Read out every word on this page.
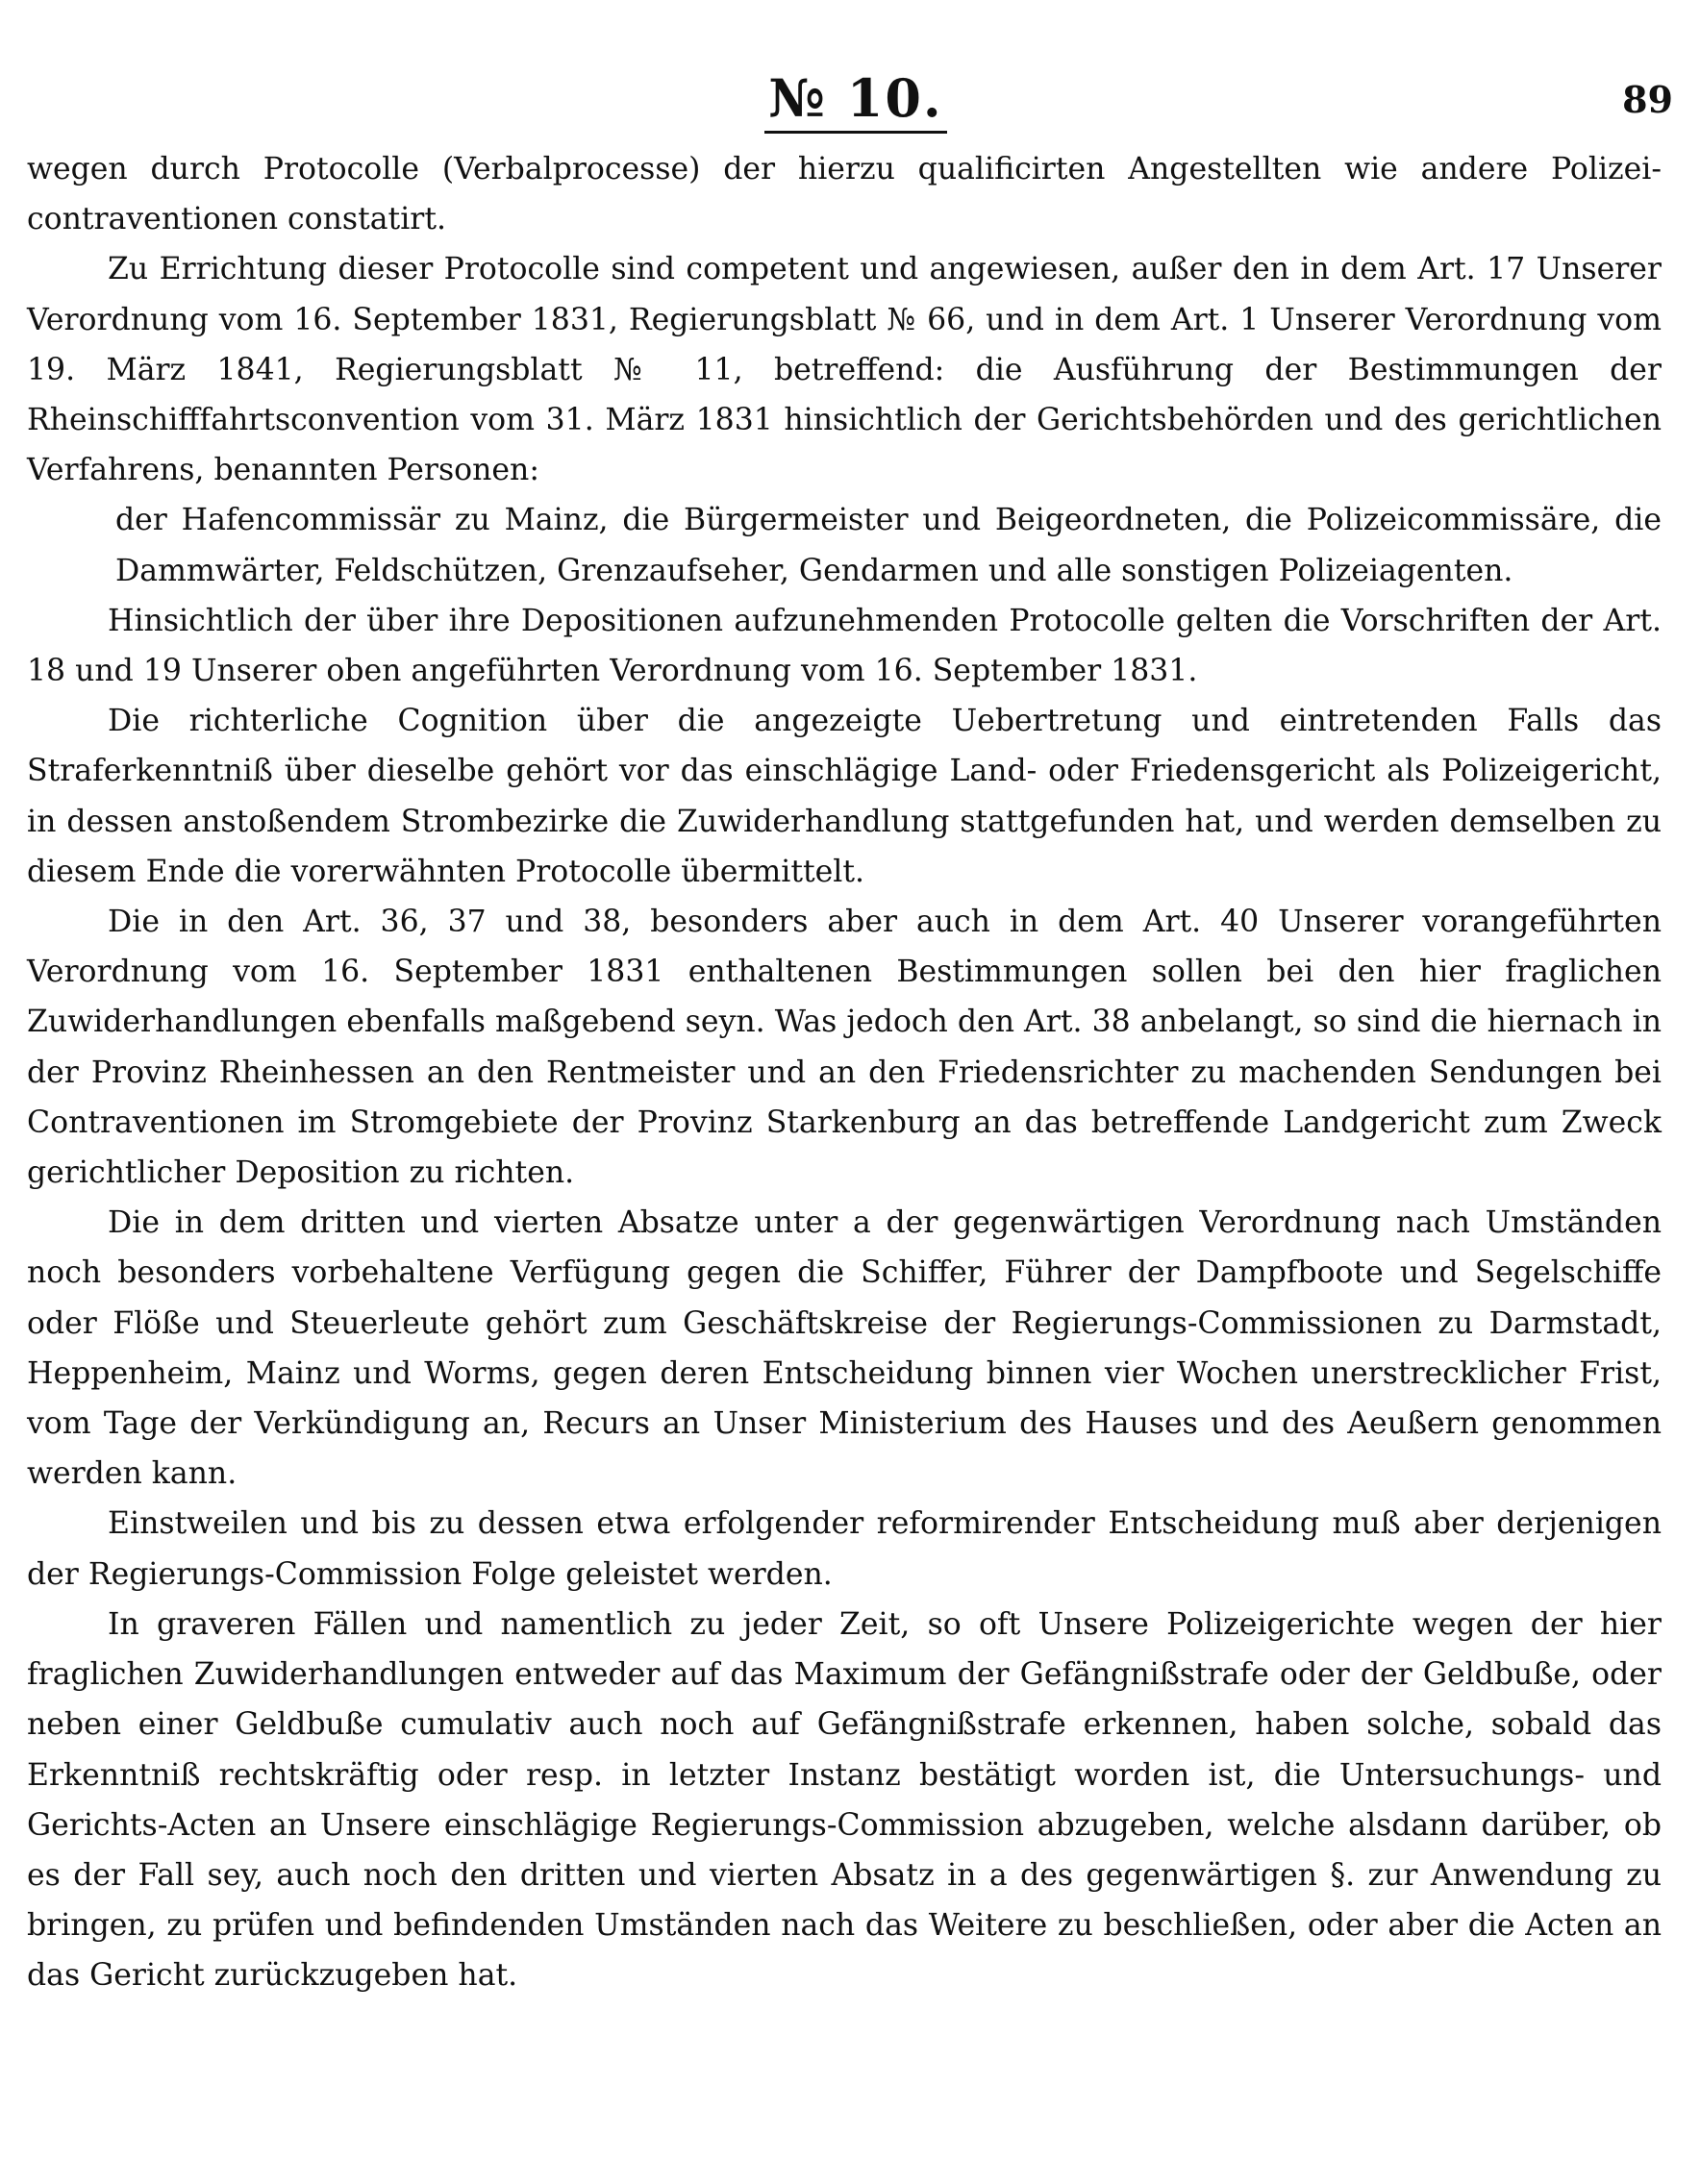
№ 10.	89

wegen durch Protocolle (Verbalprocesse) der hierzu qualificirten Angestellten wie andere Polizei-contraventionen constatirt.

Zu Errichtung dieser Protocolle sind competent und angewiesen, außer den in dem Art. 17 Unserer Verordnung vom 16. September 1831, Regierungsblatt № 66, und in dem Art. 1 Unserer Verordnung vom 19. März 1841, Regierungsblatt № 11, betreffend: die Ausführung der Bestimmungen der Rheinschifffahrtsconvention vom 31. März 1831 hinsichtlich der Gerichtsbehörden und des gerichtlichen Verfahrens, benannten Personen:

der Hafencommissär zu Mainz, die Bürgermeister und Beigeordneten, die Polizeicommissäre, die Dammwärter, Feldschützen, Grenzaufseher, Gendarmen und alle sonstigen Polizeiagenten.

Hinsichtlich der über ihre Depositionen aufzunehmenden Protocolle gelten die Vorschriften der Art. 18 und 19 Unserer oben angeführten Verordnung vom 16. September 1831.

Die richterliche Cognition über die angezeigte Uebertretung und eintretenden Falls das Straferkenntniß über dieselbe gehört vor das einschlägige Land- oder Friedensgericht als Polizeigericht, in dessen anstoßendem Strombezirke die Zuwiderhandlung stattgefunden hat, und werden demselben zu diesem Ende die vorerwähnten Protocolle übermittelt.

Die in den Art. 36, 37 und 38, besonders aber auch in dem Art. 40 Unserer vorangeführten Verordnung vom 16. September 1831 enthaltenen Bestimmungen sollen bei den hier fraglichen Zuwiderhandlungen ebenfalls maßgebend seyn. Was jedoch den Art. 38 anbelangt, so sind die hiernach in der Provinz Rheinhessen an den Rentmeister und an den Friedensrichter zu machenden Sendungen bei Contraventionen im Stromgebiete der Provinz Starkenburg an das betreffende Landgericht zum Zweck gerichtlicher Deposition zu richten.

Die in dem dritten und vierten Absatze unter a der gegenwärtigen Verordnung nach Umständen noch besonders vorbehaltene Verfügung gegen die Schiffer, Führer der Dampfboote und Segelschiffe oder Flöße und Steuerleute gehört zum Geschäftskreise der Regierungs-Commissionen zu Darmstadt, Heppenheim, Mainz und Worms, gegen deren Entscheidung binnen vier Wochen unerstrecklicher Frist, vom Tage der Verkündigung an, Recurs an Unser Ministerium des Hauses und des Aeußern genommen werden kann.

Einstweilen und bis zu dessen etwa erfolgender reformirender Entscheidung muß aber derjenigen der Regierungs-Commission Folge geleistet werden.

In graveren Fällen und namentlich zu jeder Zeit, so oft Unsere Polizeigerichte wegen der hier fraglichen Zuwiderhandlungen entweder auf das Maximum der Gefängnißstrafe oder der Geldbuße, oder neben einer Geldbuße cumulativ auch noch auf Gefängnißstrafe erkennen, haben solche, sobald das Erkenntniß rechtskräftig oder resp. in letzter Instanz bestätigt worden ist, die Untersuchungs- und Gerichts-Acten an Unsere einschlägige Regierungs-Commission abzugeben, welche alsdann darüber, ob es der Fall sey, auch noch den dritten und vierten Absatz in a des gegenwärtigen §. zur Anwendung zu bringen, zu prüfen und befindenden Umständen nach das Weitere zu beschließen, oder aber die Acten an das Gericht zurückzugeben hat.
